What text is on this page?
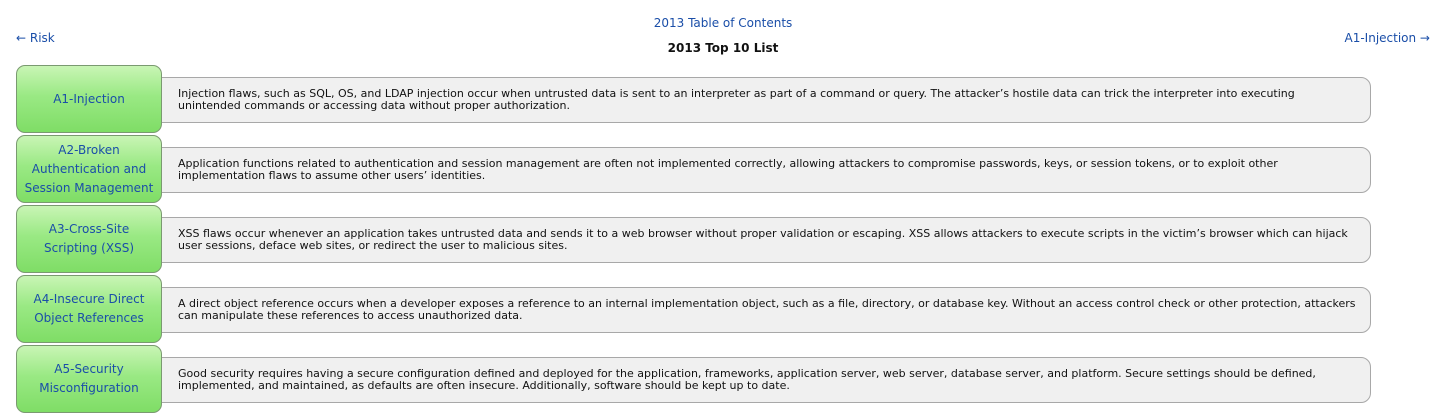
2013 Table of Contents
← Risk	A1-Injection →
2013 Top 10 List
A1-Injection	Injection flaws, such as SQL, OS, and LDAP injection occur when untrusted data is sent to an interpreter as part of a command or query. The attacker’s hostile data can trick the interpreter into executing unintended commands or accessing data without proper authorization.
A2-Broken Authentication and Session Management
Application functions related to authentication and session management are often not implemented correctly, allowing attackers to compromise passwords, keys, or session tokens, or to exploit other implementation flaws to assume other users’ identities.
A3-Cross-Site Scripting (XSS)
XSS flaws occur whenever an application takes untrusted data and sends it to a web browser without proper validation or escaping. XSS allows attackers to execute scripts in the victim’s browser which can hijack user sessions, deface web sites, or redirect the user to malicious sites.
A4-Insecure Direct Object References
A direct object reference occurs when a developer exposes a reference to an internal implementation object, such as a file, directory, or database key. Without an access control check or other protection, attackers can manipulate these references to access unauthorized data.
A5-Security Misconfiguration
Good security requires having a secure configuration defined and deployed for the application, frameworks, application server, web server, database server, and platform. Secure settings should be defined, implemented, and maintained, as defaults are often insecure. Additionally, software should be kept up to date.
